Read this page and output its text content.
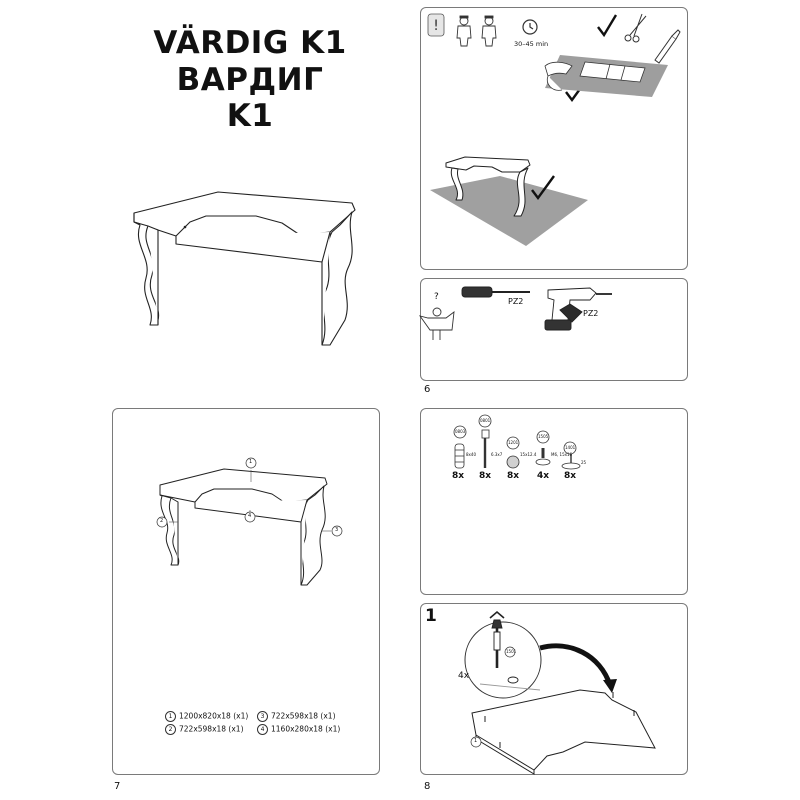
VÄRDIG K1
ВАРДИГ K1
!
30–45 min
?	PZ2
PZ2
6
1
2
3
4
1 1200x820x18 (x1)
2 722x598x18 (x1)
3 722x598x18 (x1)
4 1160x280x18 (x1)
7
0803
0801
1201
1505
1401
8x40	6.3x7	15x12.4	M6, 15x16
25
8x 8x 8x 4x 8x
1
1501
1
4x
8
